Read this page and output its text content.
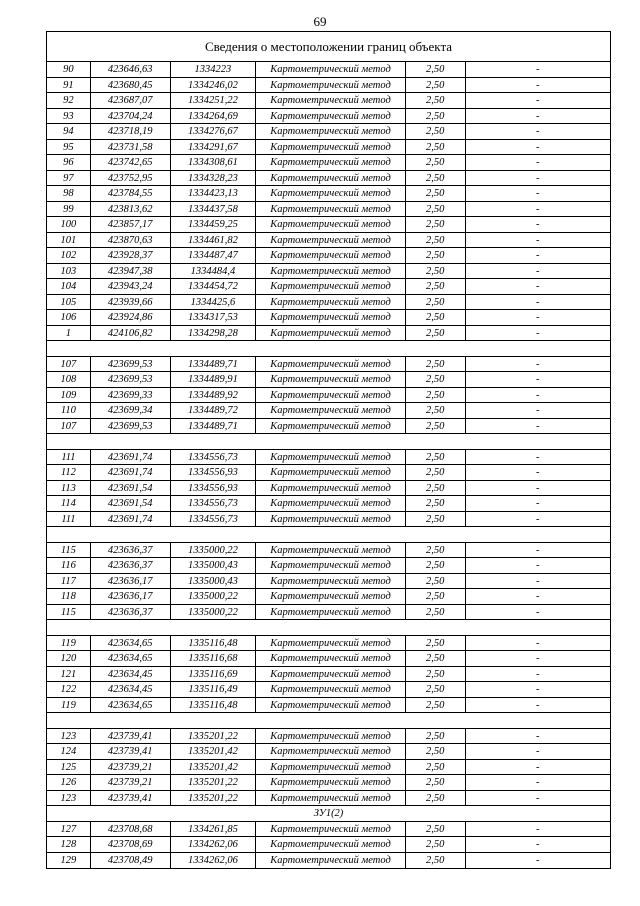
69
Сведения о местоположении границ объекта
90	423646,63	1334223	Картометрический метод	2,50	-
91	423680,45	1334246,02	Картометрический метод	2,50	-
92	423687,07	1334251,22	Картометрический метод	2,50	-
93	423704,24	1334264,69	Картометрический метод	2,50	-
94	423718,19	1334276,67	Картометрический метод	2,50	-
95	423731,58	1334291,67	Картометрический метод	2,50	-
96	423742,65	1334308,61	Картометрический метод	2,50	-
97	423752,95	1334328,23	Картометрический метод	2,50	-
98	423784,55	1334423,13	Картометрический метод	2,50	-
99	423813,62	1334437,58	Картометрический метод	2,50	-
100	423857,17	1334459,25	Картометрический метод	2,50	-
101	423870,63	1334461,82	Картометрический метод	2,50	-
102	423928,37	1334487,47	Картометрический метод	2,50	-
103	423947,38	1334484,4	Картометрический метод	2,50	-
104	423943,24	1334454,72	Картометрический метод	2,50	-
105	423939,66	1334425,6	Картометрический метод	2,50	-
106	423924,86	1334317,53	Картометрический метод	2,50	-
1	424106,82	1334298,28	Картометрический метод	2,50	-
107	423699,53	1334489,71	Картометрический метод	2,50	-
108	423699,53	1334489,91	Картометрический метод	2,50	-
109	423699,33	1334489,92	Картометрический метод	2,50	-
110	423699,34	1334489,72	Картометрический метод	2,50	-
107	423699,53	1334489,71	Картометрический метод	2,50	-
111	423691,74	1334556,73	Картометрический метод	2,50	-
112	423691,74	1334556,93	Картометрический метод	2,50	-
113	423691,54	1334556,93	Картометрический метод	2,50	-
114	423691,54	1334556,73	Картометрический метод	2,50	-
111	423691,74	1334556,73	Картометрический метод	2,50	-
115	423636,37	1335000,22	Картометрический метод	2,50	-
116	423636,37	1335000,43	Картометрический метод	2,50	-
117	423636,17	1335000,43	Картометрический метод	2,50	-
118	423636,17	1335000,22	Картометрический метод	2,50	-
115	423636,37	1335000,22	Картометрический метод	2,50	-
119	423634,65	1335116,48	Картометрический метод	2,50	-
120	423634,65	1335116,68	Картометрический метод	2,50	-
121	423634,45	1335116,69	Картометрический метод	2,50	-
122	423634,45	1335116,49	Картометрический метод	2,50	-
119	423634,65	1335116,48	Картометрический метод	2,50	-
123	423739,41	1335201,22	Картометрический метод	2,50	-
124	423739,41	1335201,42	Картометрический метод	2,50	-
125	423739,21	1335201,42	Картометрический метод	2,50	-
126	423739,21	1335201,22	Картометрический метод	2,50	-
123	423739,41	1335201,22	Картометрический метод	2,50	-
ЗУ1(2)
127	423708,68	1334261,85	Картометрический метод	2,50	-
128	423708,69	1334262,06	Картометрический метод	2,50	-
129	423708,49	1334262,06	Картометрический метод	2,50	-
